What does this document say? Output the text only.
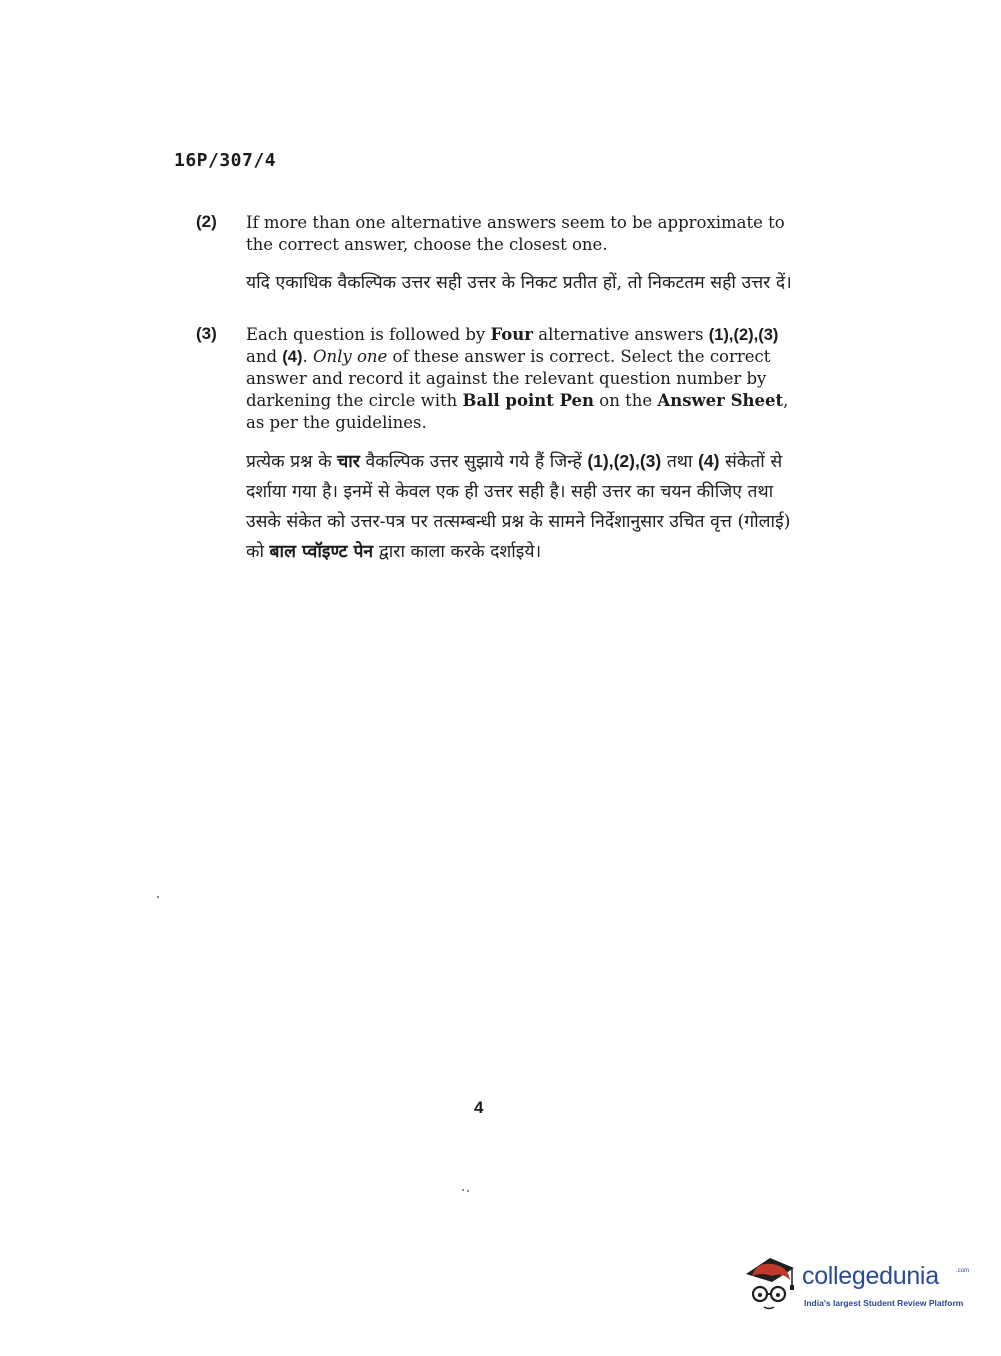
16P/307/4
(2) If more than one alternative answers seem to be approximate to the correct answer, choose the closest one.

यदि एकाधिक वैकल्पिक उत्तर सही उत्तर के निकट प्रतीत हों, तो निकटतम सही उत्तर दें।

(3) Each question is followed by Four alternative answers (1),(2),(3) and (4). Only one of these answer is correct. Select the correct answer and record it against the relevant question number by darkening the circle with Ball point Pen on the Answer Sheet, as per the guidelines.

प्रत्येक प्रश्न के चार वैकल्पिक उत्तर सुझाये गये हैं जिन्हें (1),(2),(3) तथा (4) संकेतों से दर्शाया गया है। इनमें से केवल एक ही उत्तर सही है। सही उत्तर का चयन कीजिए तथा उसके संकेत को उत्तर-पत्र पर तत्सम्बन्धी प्रश्न के सामने निर्देशानुसार उचित वृत्त (गोलाई) को बाल प्वॉइण्ट पेन द्वारा काला करके दर्शाइये।

4
collegedunia	.com
India's largest Student Review Platform
